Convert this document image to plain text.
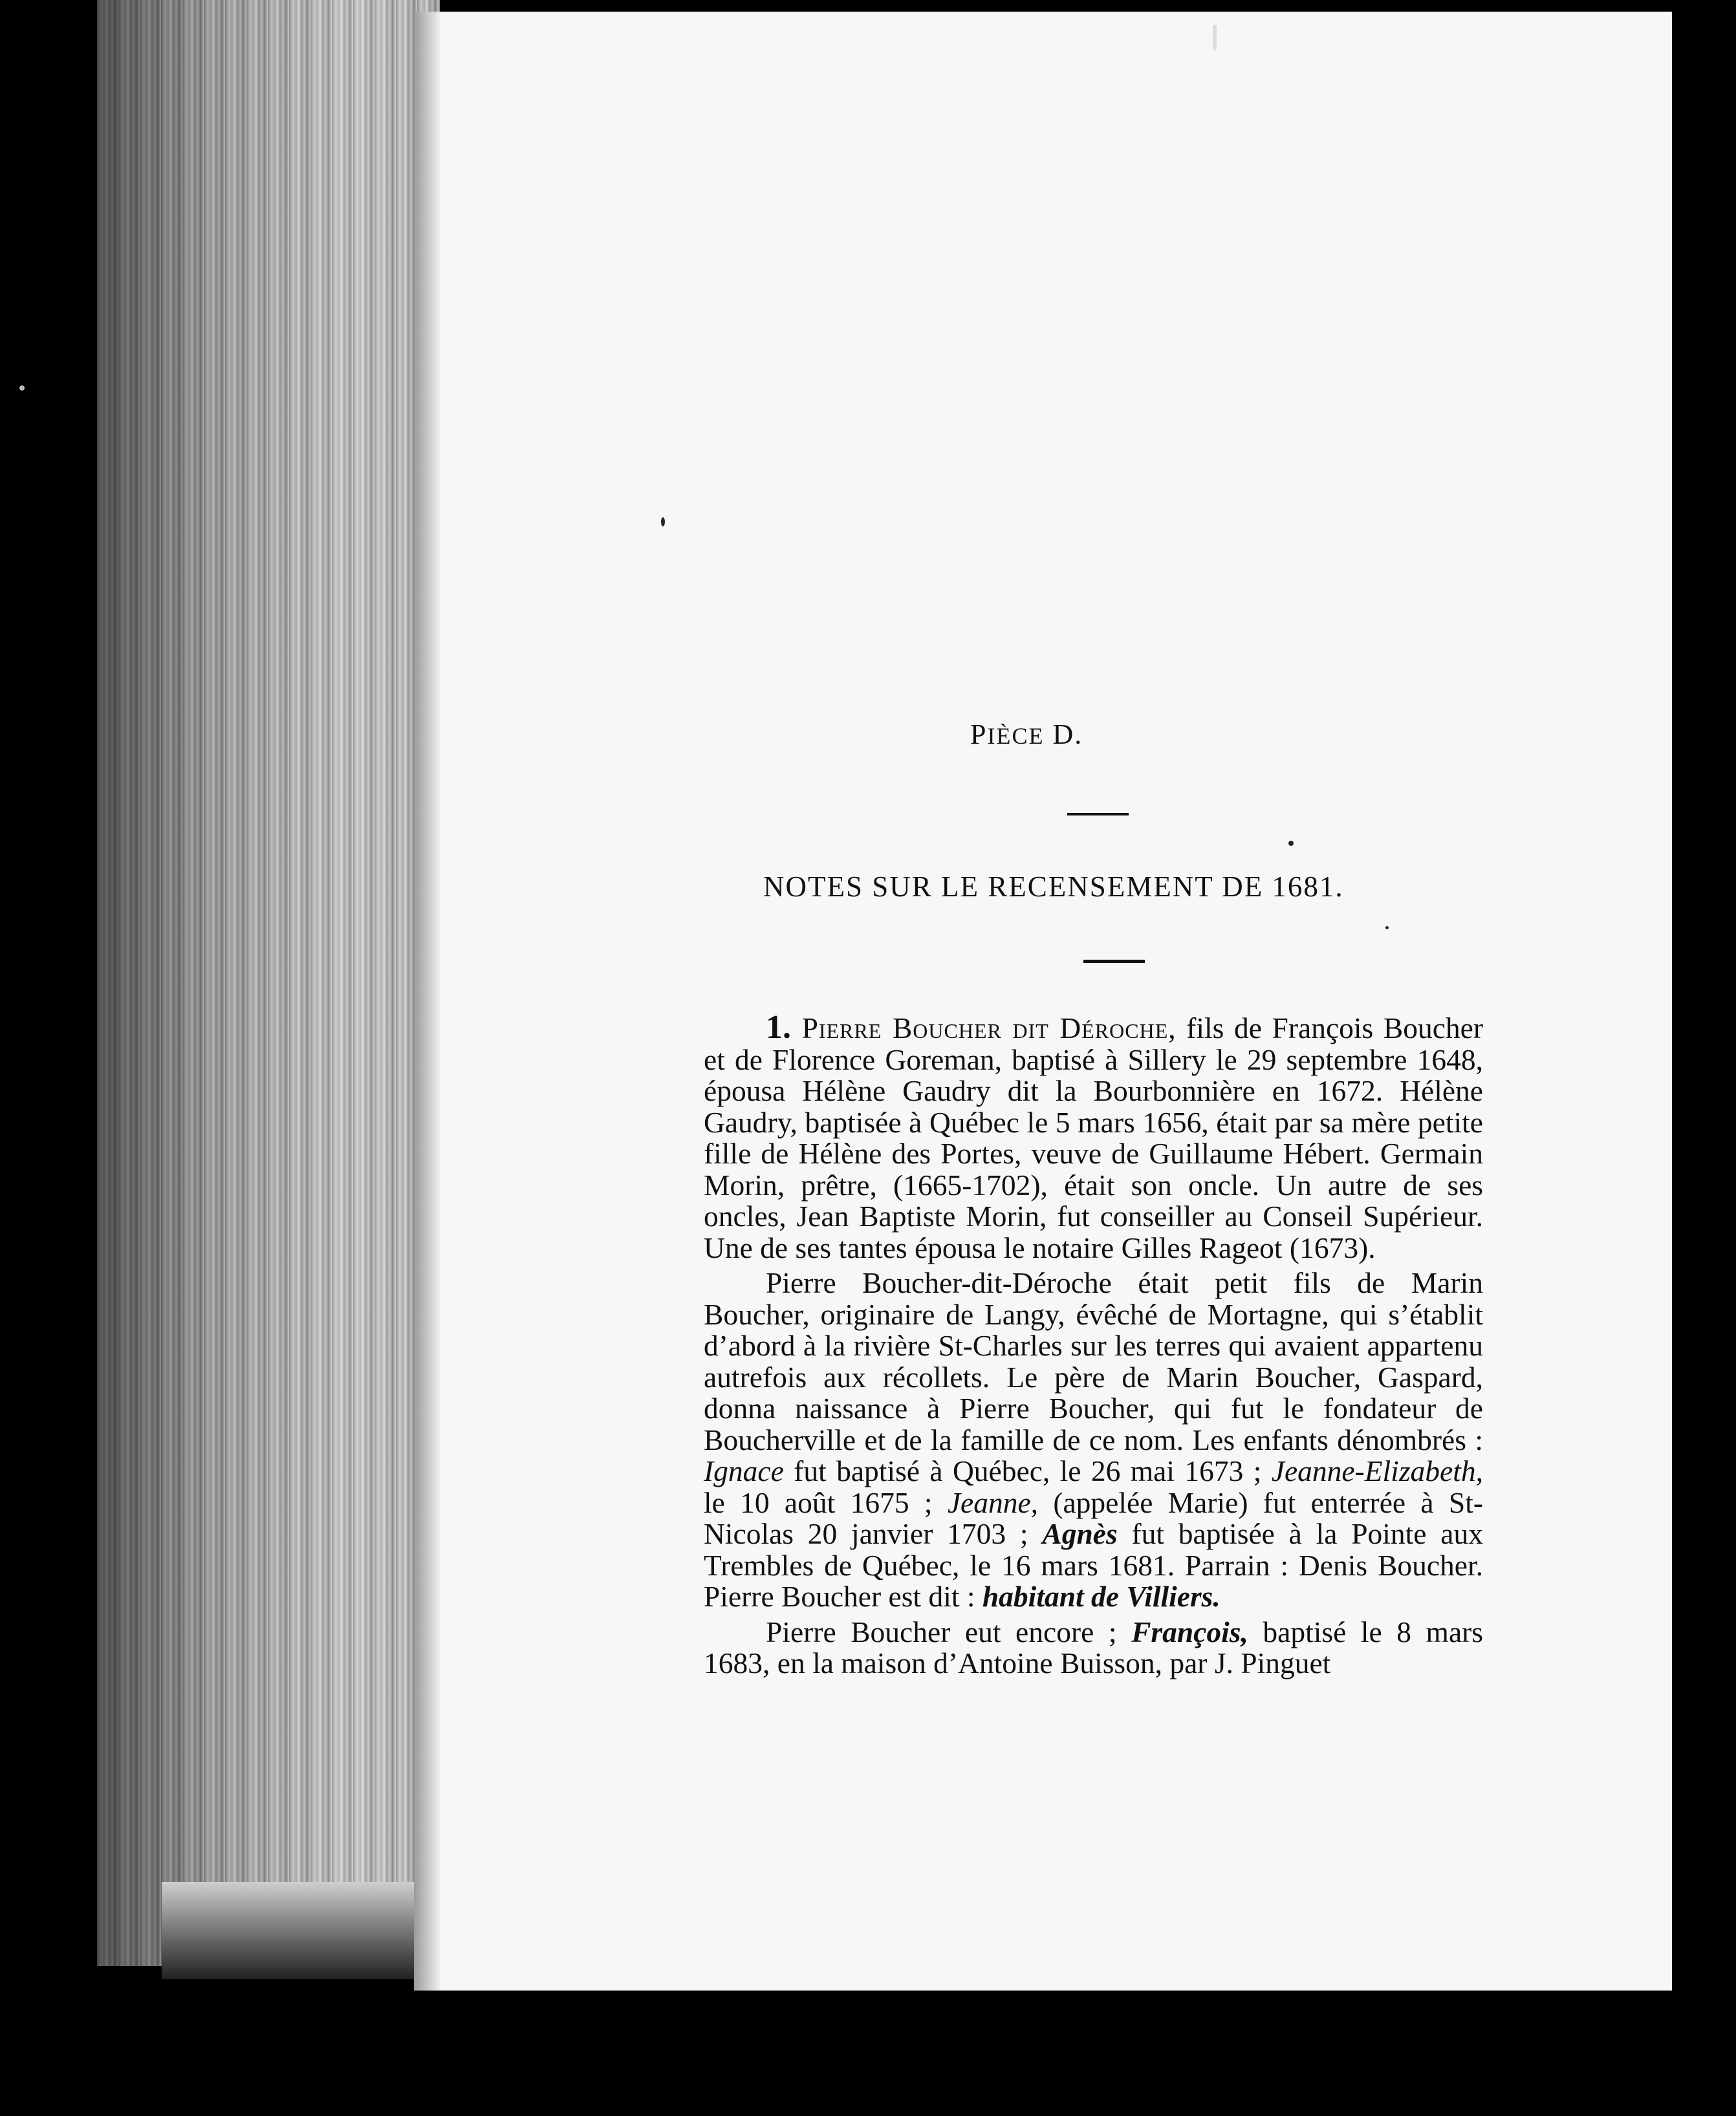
PIÈCE D.
NOTES SUR LE RECENSEMENT DE 1681.

1. Pierre Boucher dit Déroche, fils de François Boucher et de Florence Goreman, baptisé à Sillery le 29 septembre 1648, épousa Hélène Gaudry dit la Bourbonnière en 1672. Hélène Gaudry, baptisée à Québec le 5 mars 1656, était par sa mère petite fille de Hélène des Portes, veuve de Guillaume Hébert. Germain Morin, prêtre, (1665-1702), était son oncle. Un autre de ses oncles, Jean Baptiste Morin, fut conseiller au Conseil Supérieur. Une de ses tantes épousa le notaire Gilles Rageot (1673).

Pierre Boucher-dit-Déroche était petit fils de Marin Boucher, originaire de Langy, évêché de Mortagne, qui s’établit d’abord à la rivière St-Charles sur les terres qui avaient appartenu autrefois aux récollets. Le père de Marin Boucher, Gaspard, donna naissance à Pierre Boucher, qui fut le fondateur de Boucherville et de la famille de ce nom. Les enfants dénombrés : Ignace fut baptisé à Québec, le 26 mai 1673 ; Jeanne-Elizabeth, le 10 août 1675 ; Jeanne, (appelée Marie) fut enterrée à St-Nicolas 20 janvier 1703 ; Agnès fut baptisée à la Pointe aux Trembles de Québec, le 16 mars 1681. Parrain : Denis Boucher. Pierre Boucher est dit : habitant de Villiers.

Pierre Boucher eut encore ; François, baptisé le 8 mars 1683, en la maison d’Antoine Buisson, par J. Pinguet
